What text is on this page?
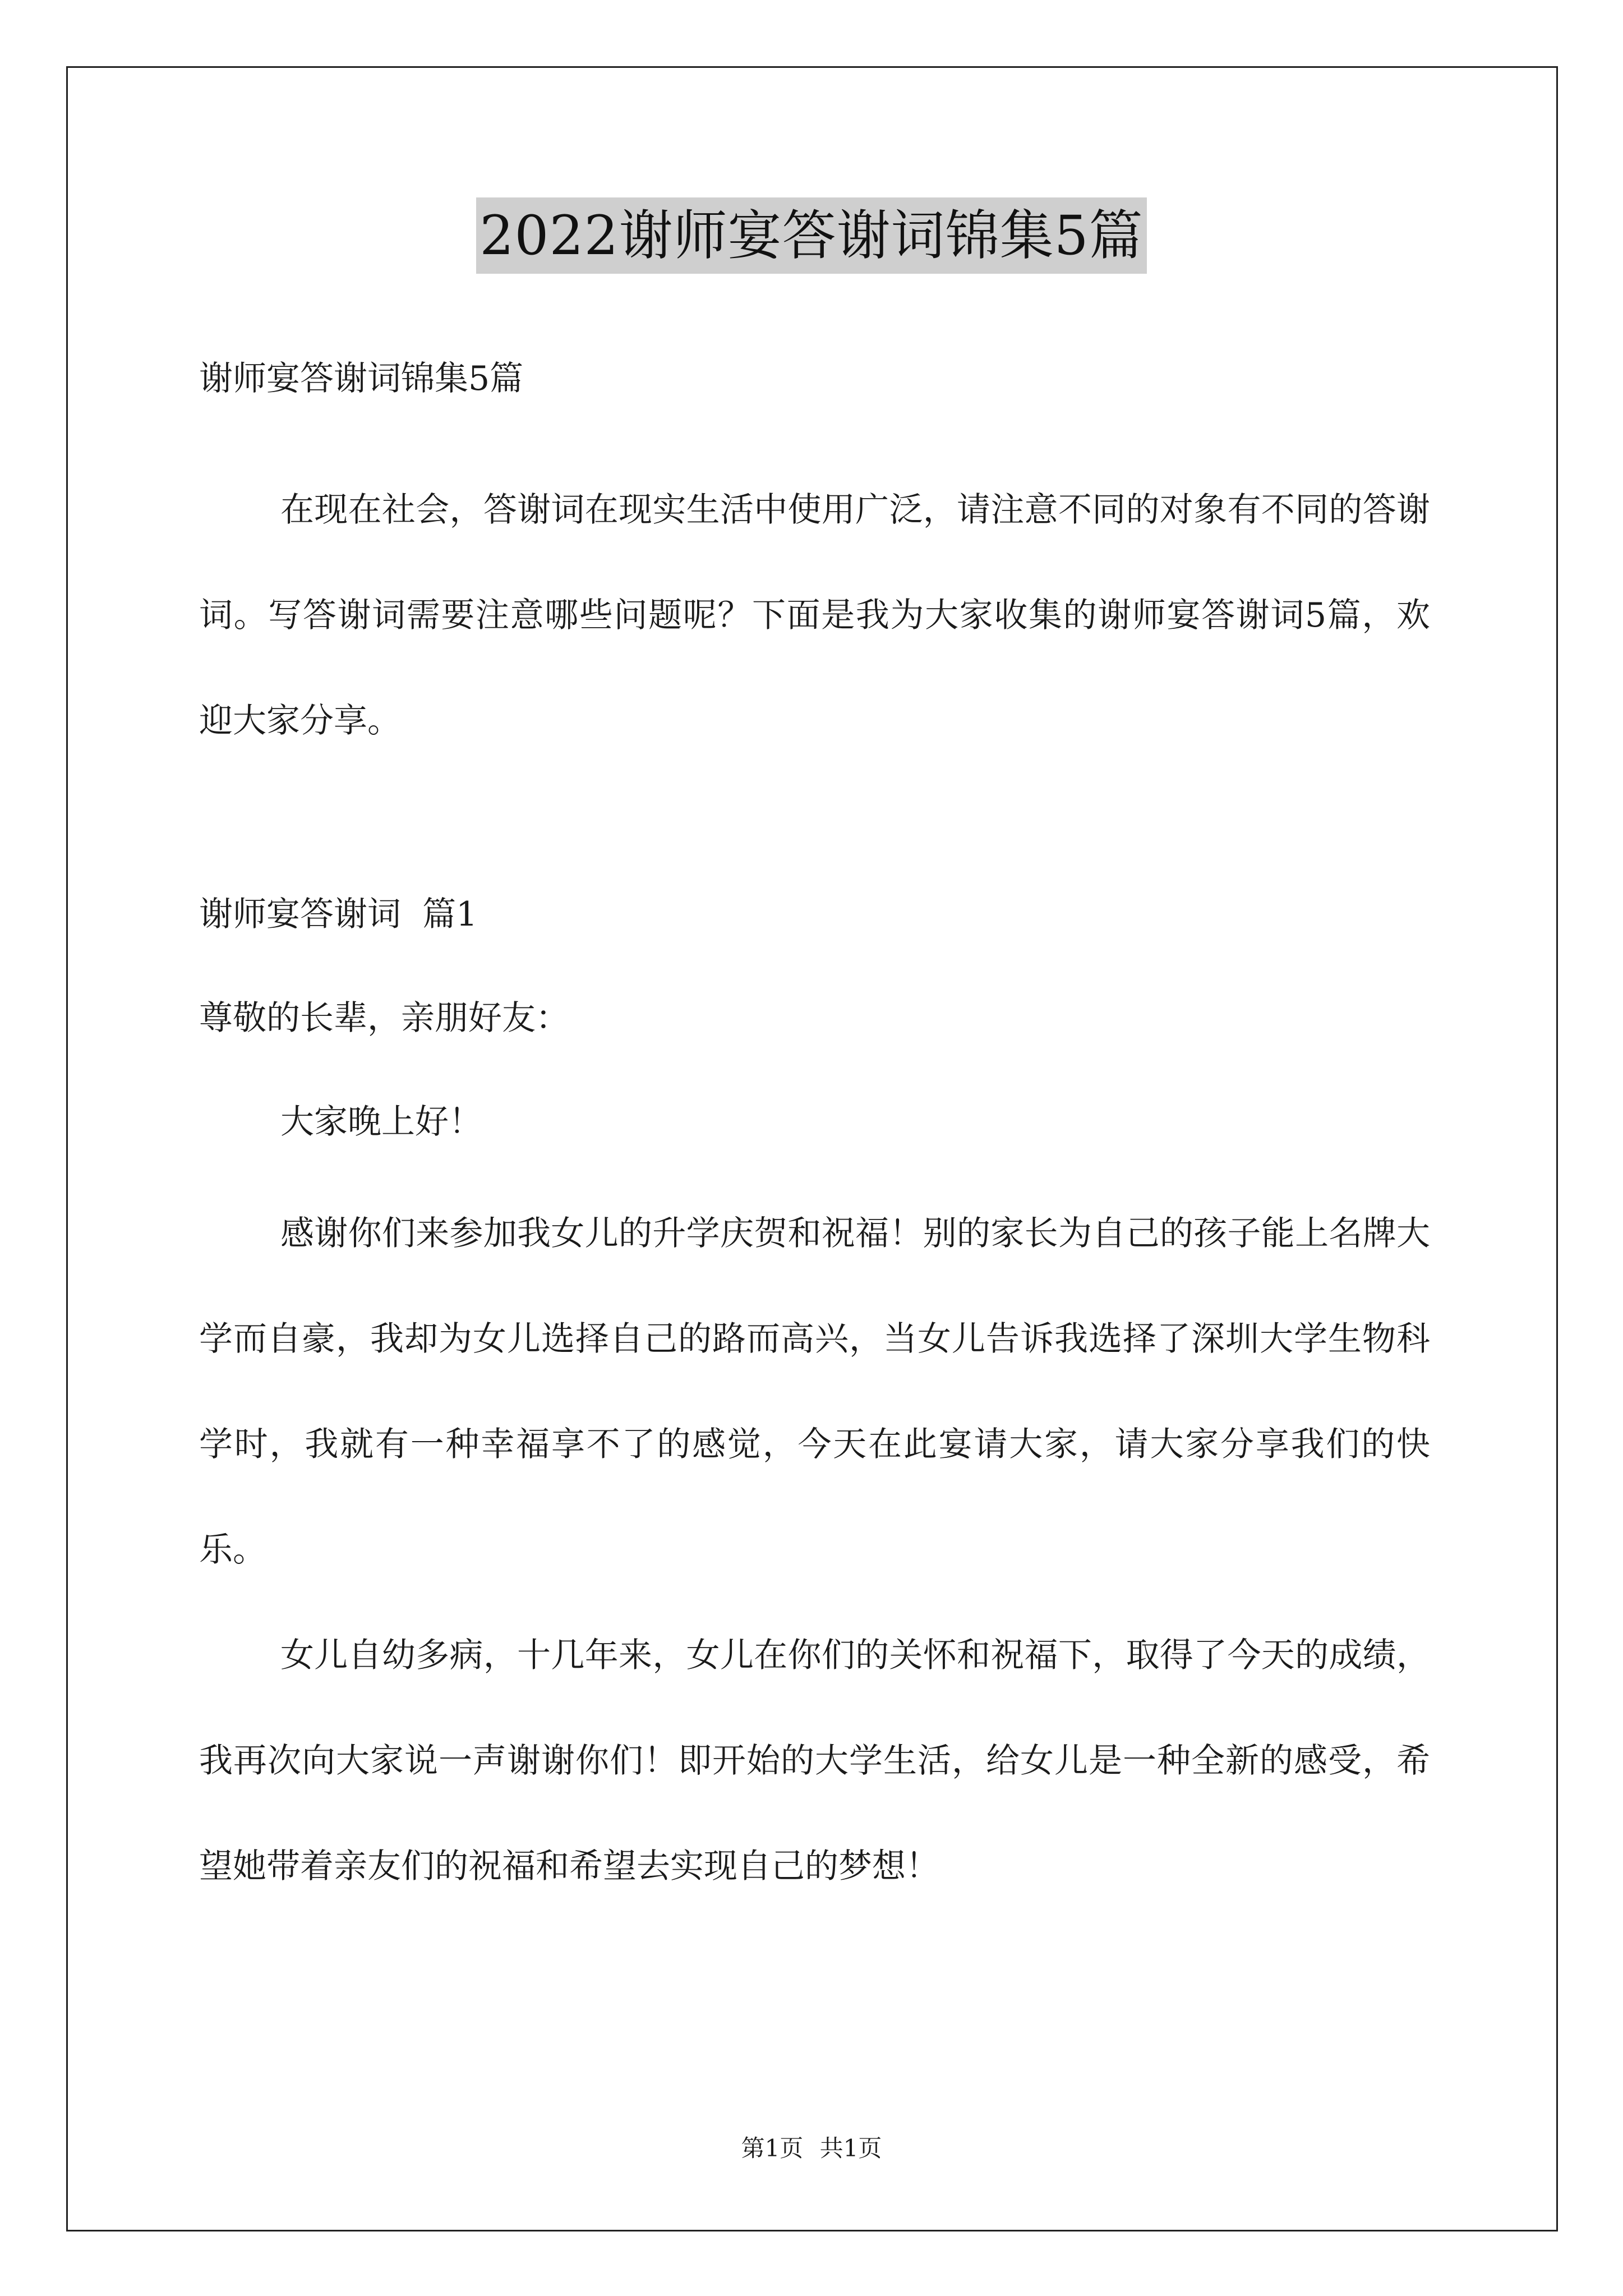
2022谢师宴答谢词锦集5篇
谢师宴答谢词锦集5篇
在现在社会，答谢词在现实生活中使用广泛，请注意不同的对象有不同的答谢词。写答谢词需要注意哪些问题呢？下面是我为大家收集的谢师宴答谢词5篇，欢迎大家分享。
谢师宴答谢词  篇1
尊敬的长辈，亲朋好友：
大家晚上好！
感谢你们来参加我女儿的升学庆贺和祝福！别的家长为自己的孩子能上名牌大学而自豪，我却为女儿选择自己的路而高兴，当女儿告诉我选择了深圳大学生物科学时，我就有一种幸福享不了的感觉，今天在此宴请大家，请大家分享我们的快乐。
女儿自幼多病，十几年来，女儿在你们的关怀和祝福下，取得了今天的成绩，我再次向大家说一声谢谢你们！即开始的大学生活，给女儿是一种全新的感受，希望她带着亲友们的祝福和希望去实现自己的梦想！
第1页 共1页
